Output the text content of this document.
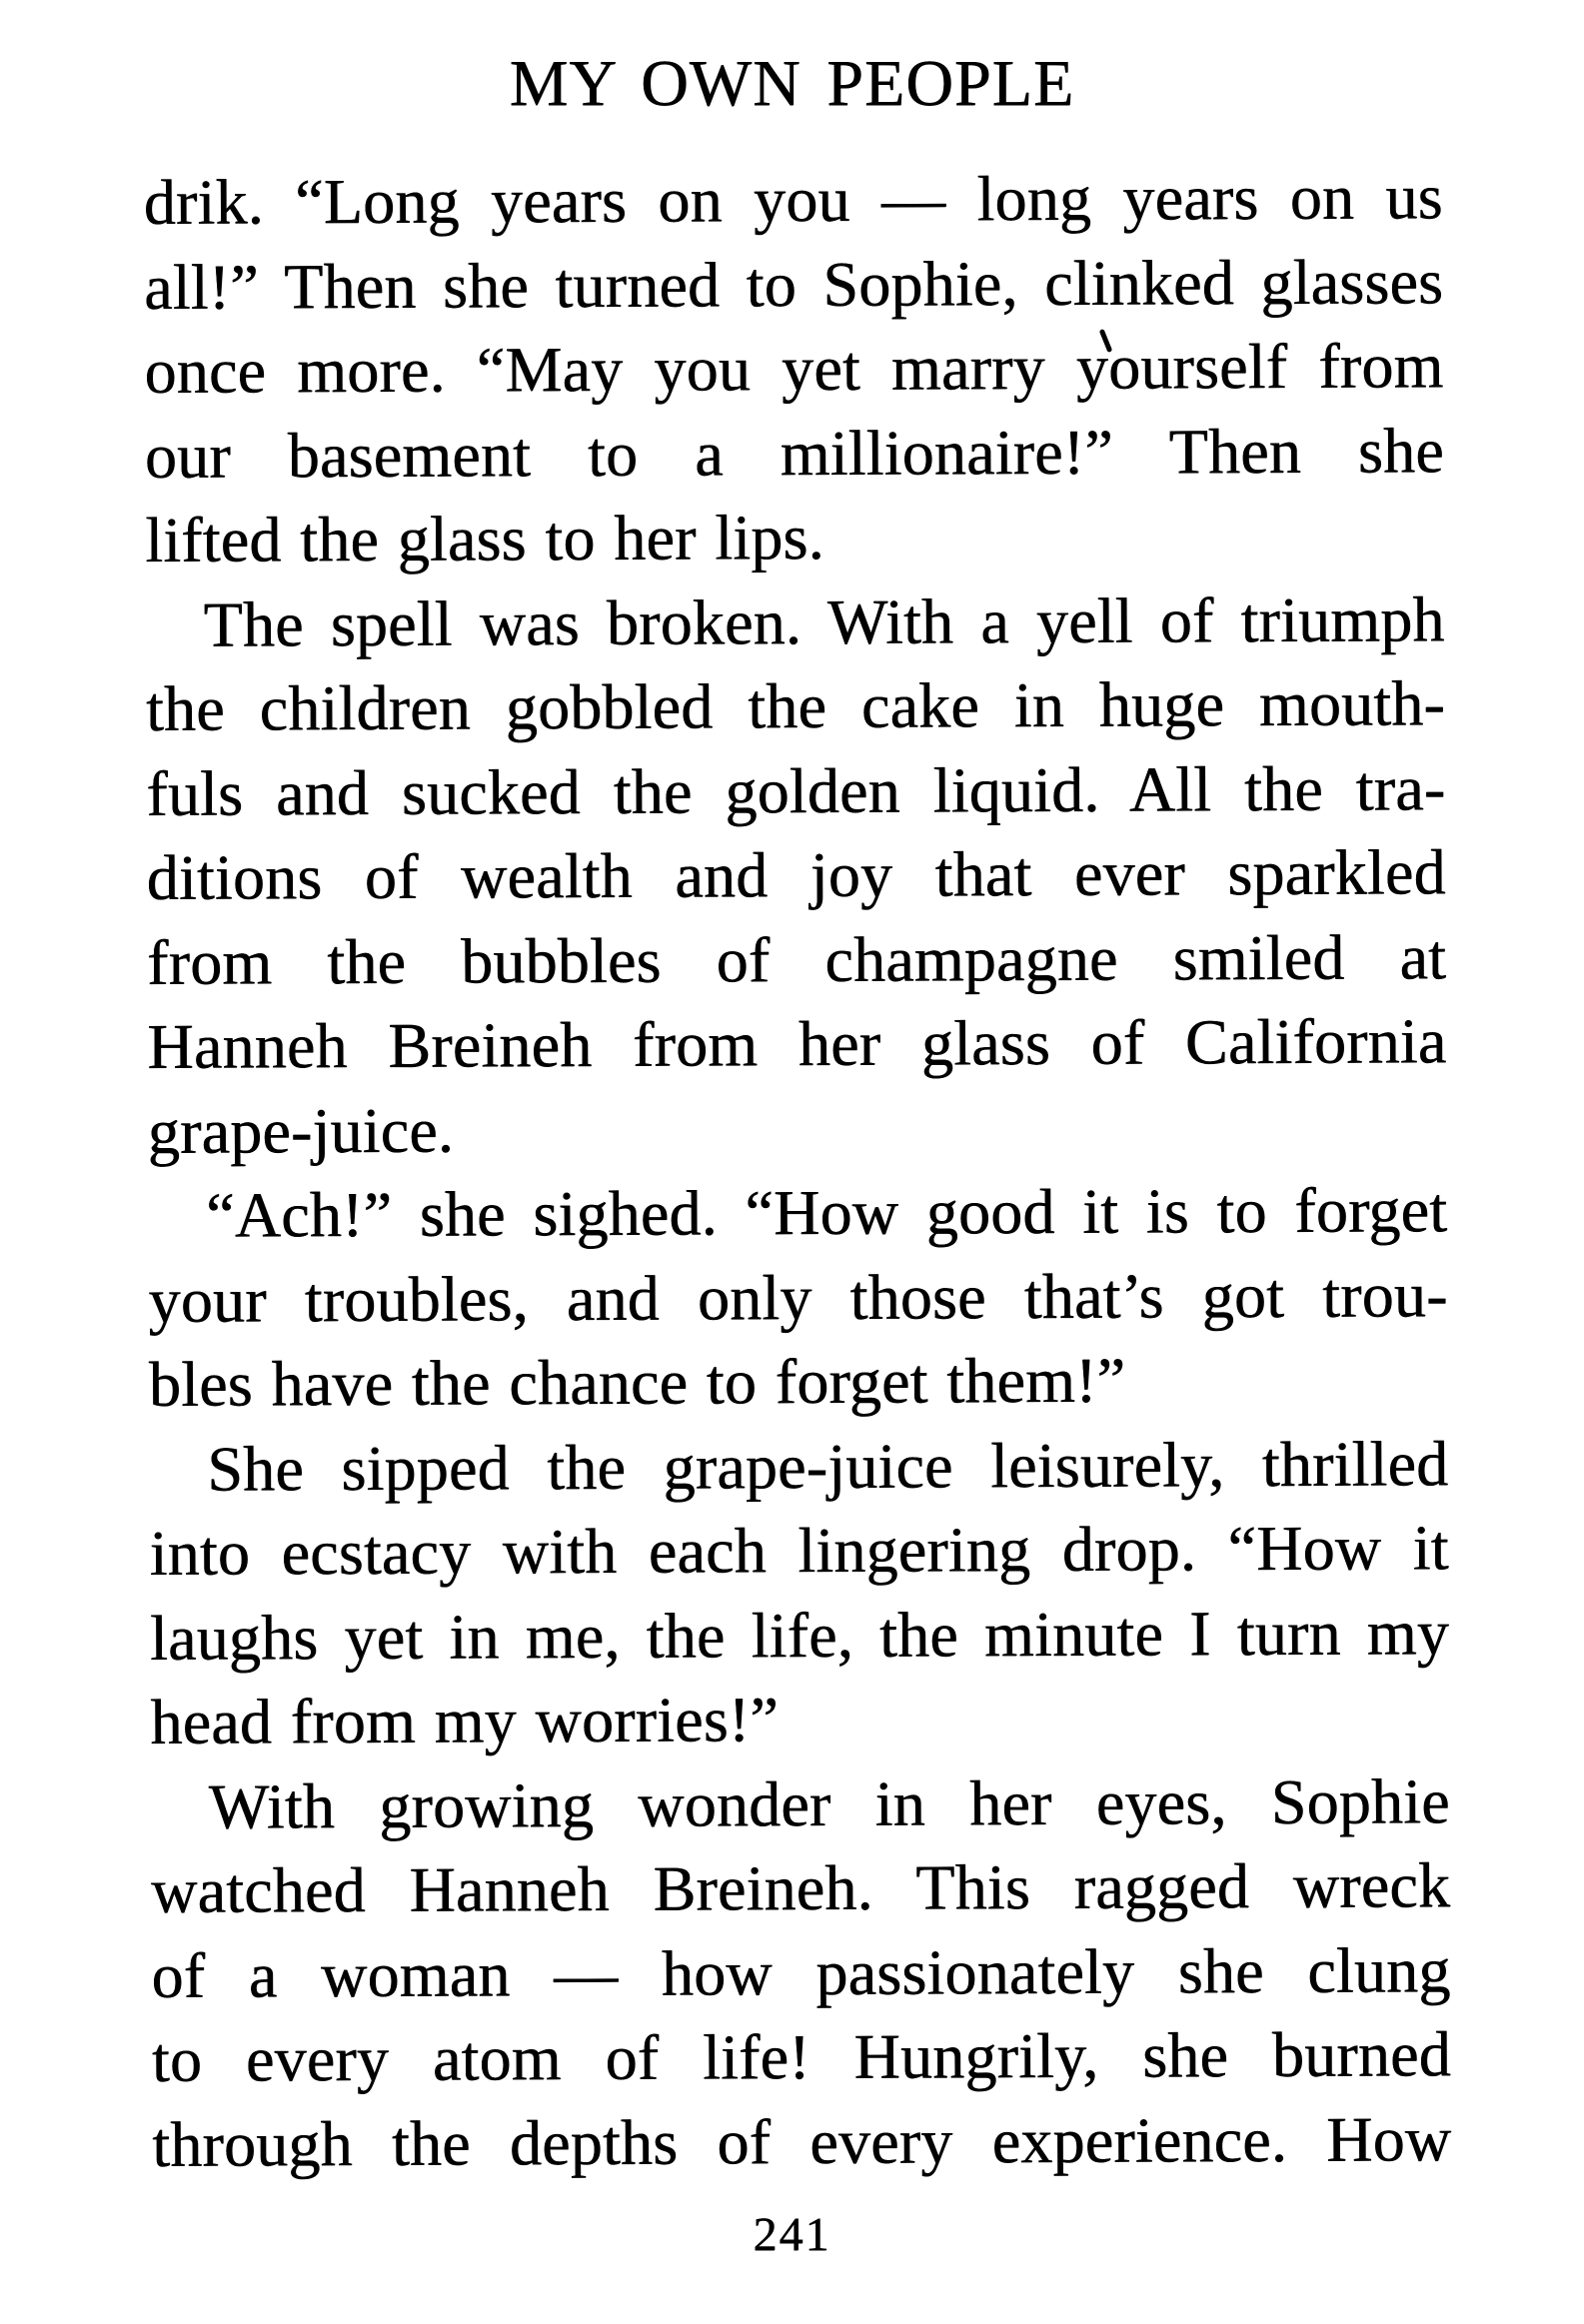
MY OWN PEOPLE
drik. “Long years on you — long years on us
all!” Then she turned to Sophie, clinked glasses
once more. “May you yet marry yourself from
our basement to a millionaire!” Then she
lifted the glass to her lips.
The spell was broken. With a yell of triumph
the children gobbled the cake in huge mouth-
fuls and sucked the golden liquid. All the tra-
ditions of wealth and joy that ever sparkled
from the bubbles of champagne smiled at
Hanneh Breineh from her glass of California
grape-juice.
“Ach!” she sighed. “How good it is to forget
your troubles, and only those that’s got trou-
bles have the chance to forget them!”
She sipped the grape-juice leisurely, thrilled
into ecstacy with each lingering drop. “How it
laughs yet in me, the life, the minute I turn my
head from my worries!”
With growing wonder in her eyes, Sophie
watched Hanneh Breineh. This ragged wreck
of a woman — how passionately she clung
to every atom of life! Hungrily, she burned
through the depths of every experience. How
241
